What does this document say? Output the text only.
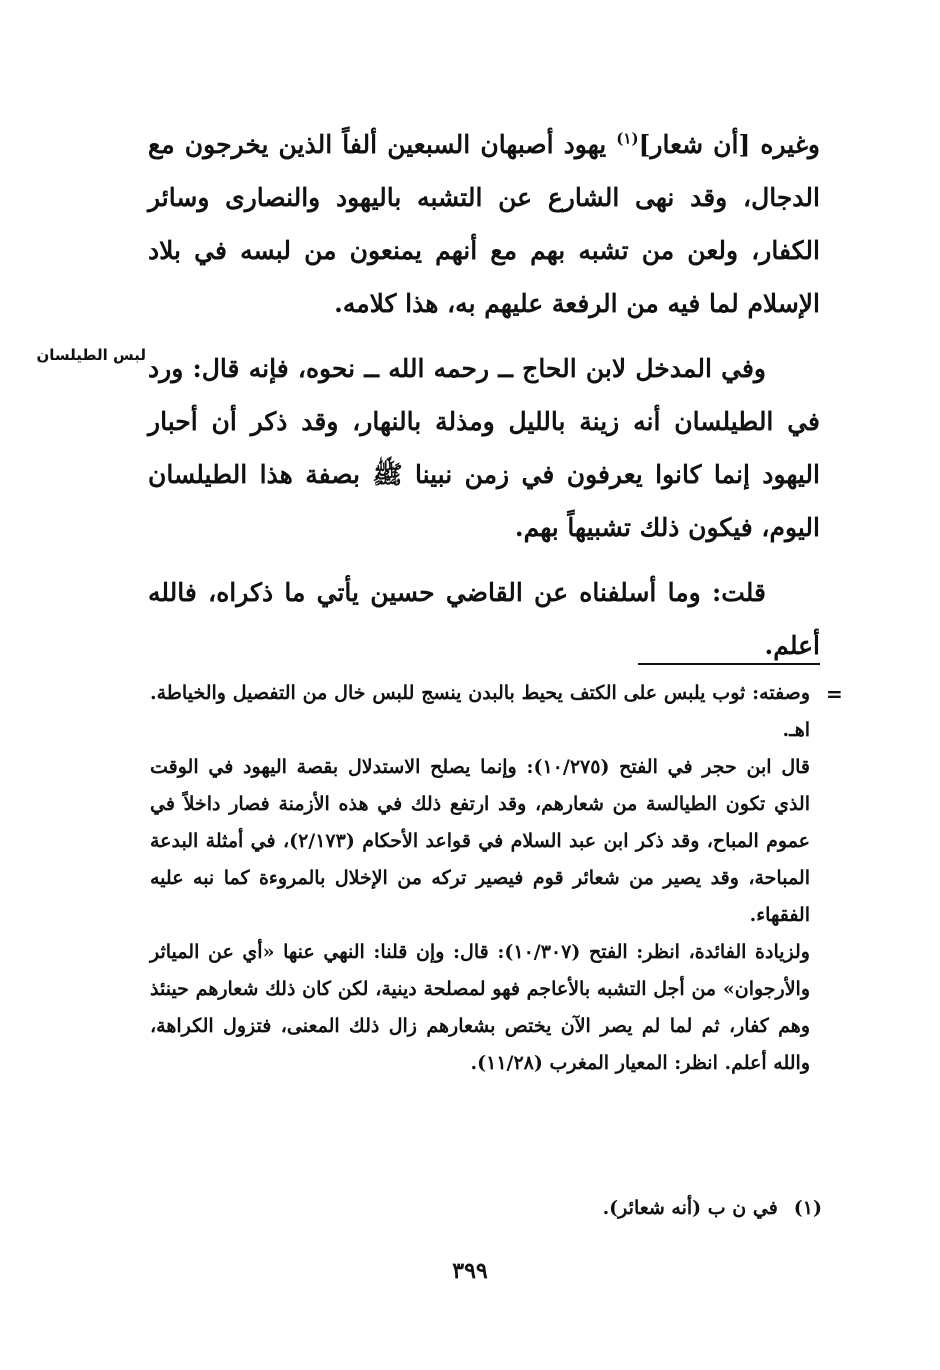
وغيره [أن شعار]$^{(١)}$ يهود أصبهان السبعين ألفاً الذين يخرجون مع الدجال، وقد نهى الشارع عن التشبه باليهود والنصارى وسائر الكفار، ولعن من تشبه بهم مع أنهم يمنعون من لبسه في بلاد الإسلام لما فيه من الرفعة عليهم به، هذا كلامه.

وفي المدخل لابن الحاج ــ رحمه الله ــ نحوه، فإنه قال: ورد في الطيلسان أنه زينة بالليل ومذلة بالنهار، وقد ذكر أن أحبار اليهود إنما كانوا يعرفون في زمن نبينا ﷺ بصفة هذا الطيلسان اليوم، فيكون ذلك تشبيهاً بهم.

قلت: وما أسلفناه عن القاضي حسين يأتي ما ذكراه، فالله أعلم.

لبس الطيلسان
=

وصفته: ثوب يلبس على الكتف يحيط بالبدن ينسج للبس خال من التفصيل والخياطة. اهـ.

قال ابن حجر في الفتح (١٠/٢٧٥): وإنما يصلح الاستدلال بقصة اليهود في الوقت الذي تكون الطيالسة من شعارهم، وقد ارتفع ذلك في هذه الأزمنة فصار داخلاً في عموم المباح، وقد ذكر ابن عبد السلام في قواعد الأحكام (٢/١٧٣)، في أمثلة البدعة المباحة، وقد يصير من شعائر قوم فيصير تركه من الإخلال بالمروءة كما نبه عليه الفقهاء.

ولزيادة الفائدة، انظر: الفتح (١٠/٣٠٧): قال: وإن قلنا: النهي عنها «أي عن المياثر والأرجوان» من أجل التشبه بالأعاجم فهو لمصلحة دينية، لكن كان ذلك شعارهم حينئذ وهم كفار، ثم لما لم يصر الآن يختص بشعارهم زال ذلك المعنى، فتزول الكراهة، والله أعلم. انظر: المعيار المغرب (١١/٢٨).

(١)في ن ب (أنه شعائر).

٣٩٩
